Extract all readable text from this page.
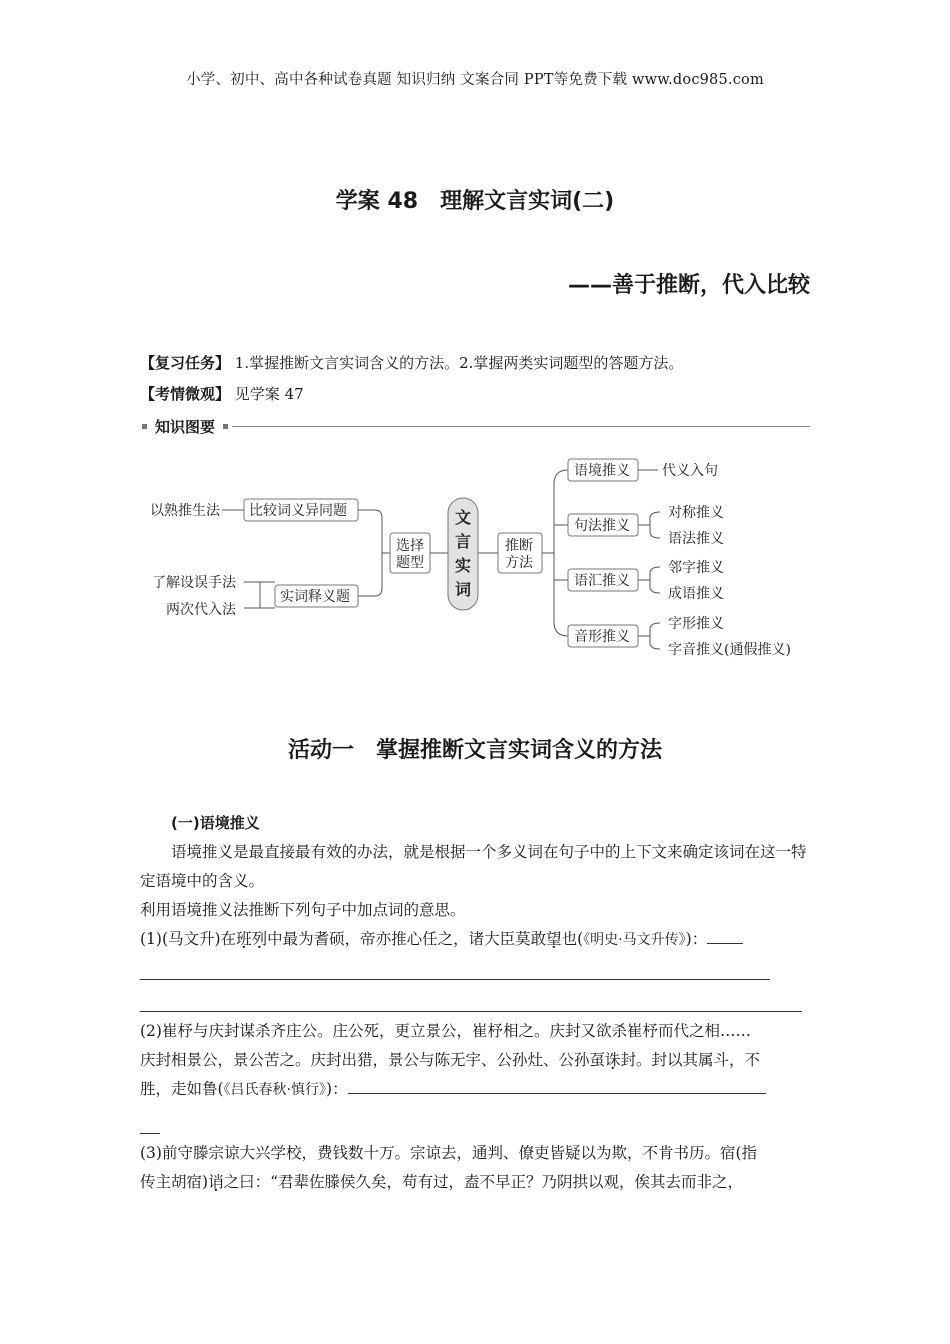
小学、初中、高中各种试卷真题 知识归纳 文案合同 PPT等免费下载 www.doc985.com
学案 48　理解文言实词(二)
——善于推断，代入比较
【复习任务】 1.掌握推断文言实词含义的方法。2.掌握两类实词题型的答题方法。
【考情微观】 见学案 47
知识图要
以熟推生法
了解设误手法
两次代入法
比较词义异同题
实词释义题
选择
题型
推断
方法
语境推义
句法推义
语汇推义
音形推义
代义入句
对称推义
语法推义
邻字推义
成语推义
字形推义
字音推义(通假推义)
文
言
实
词
活动一　掌握推断文言实词含义的方法
(一)语境推义
语境推义是最直接最有效的办法，就是根据一个多义词在句子中的上下文来确定该词在这一特定语境中的含义。
利用语境推义法推断下列句子中加点词的意思。
(1)(马文升)在班列中最为耆硕，帝亦推心任之，诸大臣莫敢望也(《明史·马文升传》)：
(2)崔杼与庆封谋杀齐庄公。庄公死，更立景公，崔杼相之。庆封又欲杀崔杼而代之相……
庆封相景公，景公苦之。庆封出猎，景公与陈无宇、公孙灶、公孙虿诛封。封以其属斗，不
胜，走如鲁(《吕氏春秋·慎行》)：
(3)前守滕宗谅大兴学校，费钱数十万。宗谅去，通判、僚吏皆疑以为欺，不肯书历。宿(指
传主胡宿)诮之曰：“君辈佐滕侯久矣，苟有过，盍不早正？乃阴拱以观，俟其去而非之，
